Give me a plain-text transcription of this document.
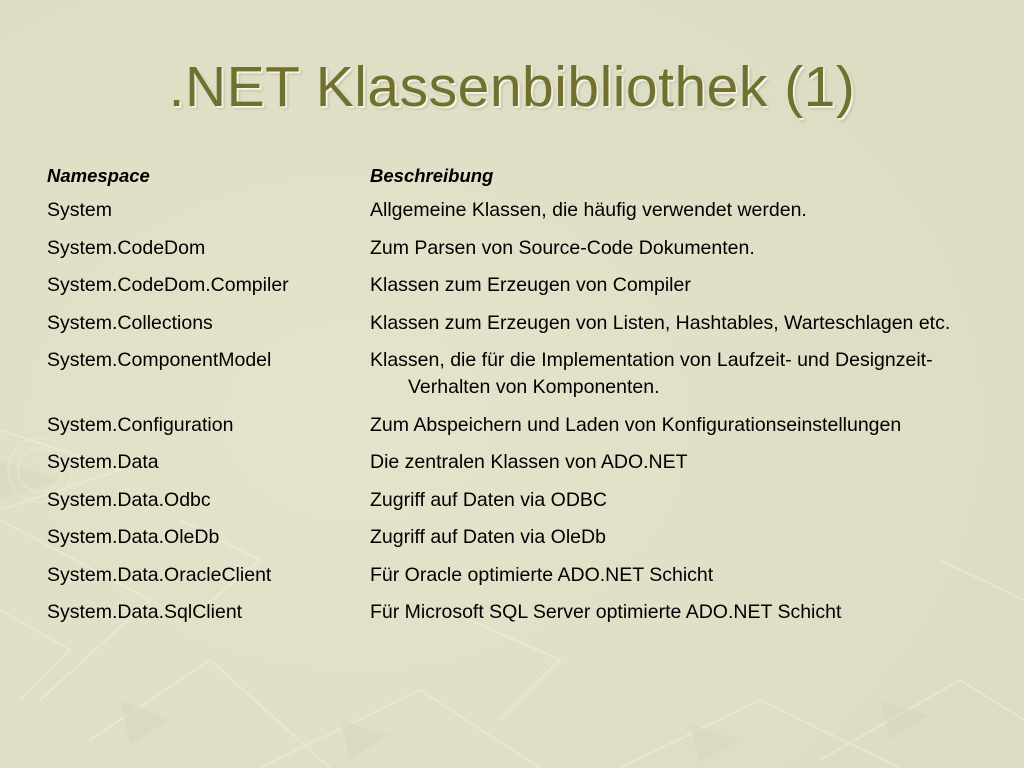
.NET Klassenbibliothek (1)
Namespace	Beschreibung
System	Allgemeine Klassen, die häufig verwendet werden.
System.CodeDom	Zum Parsen von Source-Code Dokumenten.
System.CodeDom.Compiler	Klassen zum Erzeugen von Compiler
System.Collections	Klassen zum Erzeugen von Listen, Hashtables, Warteschlagen etc.
System.ComponentModel	Klassen, die für die Implementation von Laufzeit- und Designzeit-Verhalten von Komponenten.
System.Configuration	Zum Abspeichern und Laden von Konfigurationseinstellungen
System.Data	Die zentralen Klassen von ADO.NET
System.Data.Odbc	Zugriff auf Daten via ODBC
System.Data.OleDb	Zugriff auf Daten via OleDb
System.Data.OracleClient	Für Oracle optimierte ADO.NET Schicht
System.Data.SqlClient	Für Microsoft SQL Server optimierte ADO.NET Schicht
